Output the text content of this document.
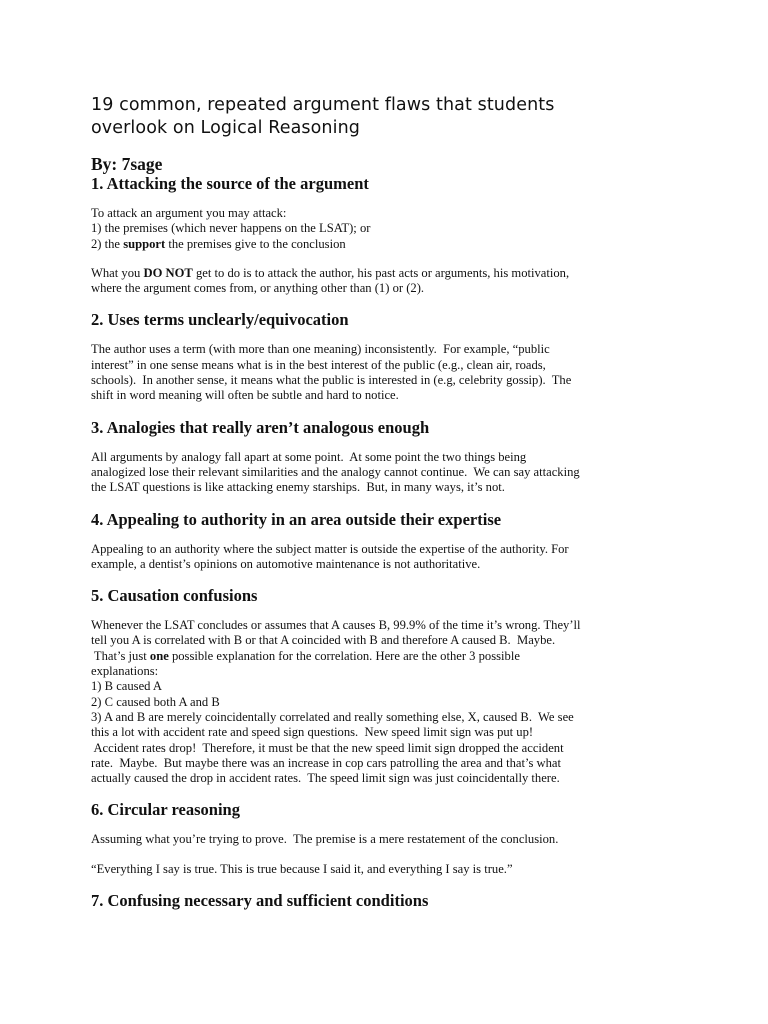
19 common, repeated argument flaws that students
overlook on Logical Reasoning
By: 7sage
1. Attacking the source of the argument

To attack an argument you may attack:
1) the premises (which never happens on the LSAT); or
2) the support the premises give to the conclusion

What you DO NOT get to do is to attack the author, his past acts or arguments, his motivation,
where the argument comes from, or anything other than (1) or (2).

2. Uses terms unclearly/equivocation

The author uses a term (with more than one meaning) inconsistently.  For example, “public
interest” in one sense means what is in the best interest of the public (e.g., clean air, roads,
schools).  In another sense, it means what the public is interested in (e.g, celebrity gossip).  The
shift in word meaning will often be subtle and hard to notice.

3. Analogies that really aren’t analogous enough

All arguments by analogy fall apart at some point.  At some point the two things being
analogized lose their relevant similarities and the analogy cannot continue.  We can say attacking
the LSAT questions is like attacking enemy starships.  But, in many ways, it’s not.

4. Appealing to authority in an area outside their expertise

Appealing to an authority where the subject matter is outside the expertise of the authority. For
example, a dentist’s opinions on automotive maintenance is not authoritative.

5. Causation confusions

Whenever the LSAT concludes or assumes that A causes B, 99.9% of the time it’s wrong. They’ll
tell you A is correlated with B or that A coincided with B and therefore A caused B.  Maybe.
That’s just one possible explanation for the correlation. Here are the other 3 possible
explanations:
1) B caused A
2) C caused both A and B
3) A and B are merely coincidentally correlated and really something else, X, caused B.  We see
this a lot with accident rate and speed sign questions.  New speed limit sign was put up!
Accident rates drop!  Therefore, it must be that the new speed limit sign dropped the accident
rate.  Maybe.  But maybe there was an increase in cop cars patrolling the area and that’s what
actually caused the drop in accident rates.  The speed limit sign was just coincidentally there.

6. Circular reasoning

Assuming what you’re trying to prove.  The premise is a mere restatement of the conclusion.

“Everything I say is true. This is true because I said it, and everything I say is true.”

7. Confusing necessary and sufficient conditions
